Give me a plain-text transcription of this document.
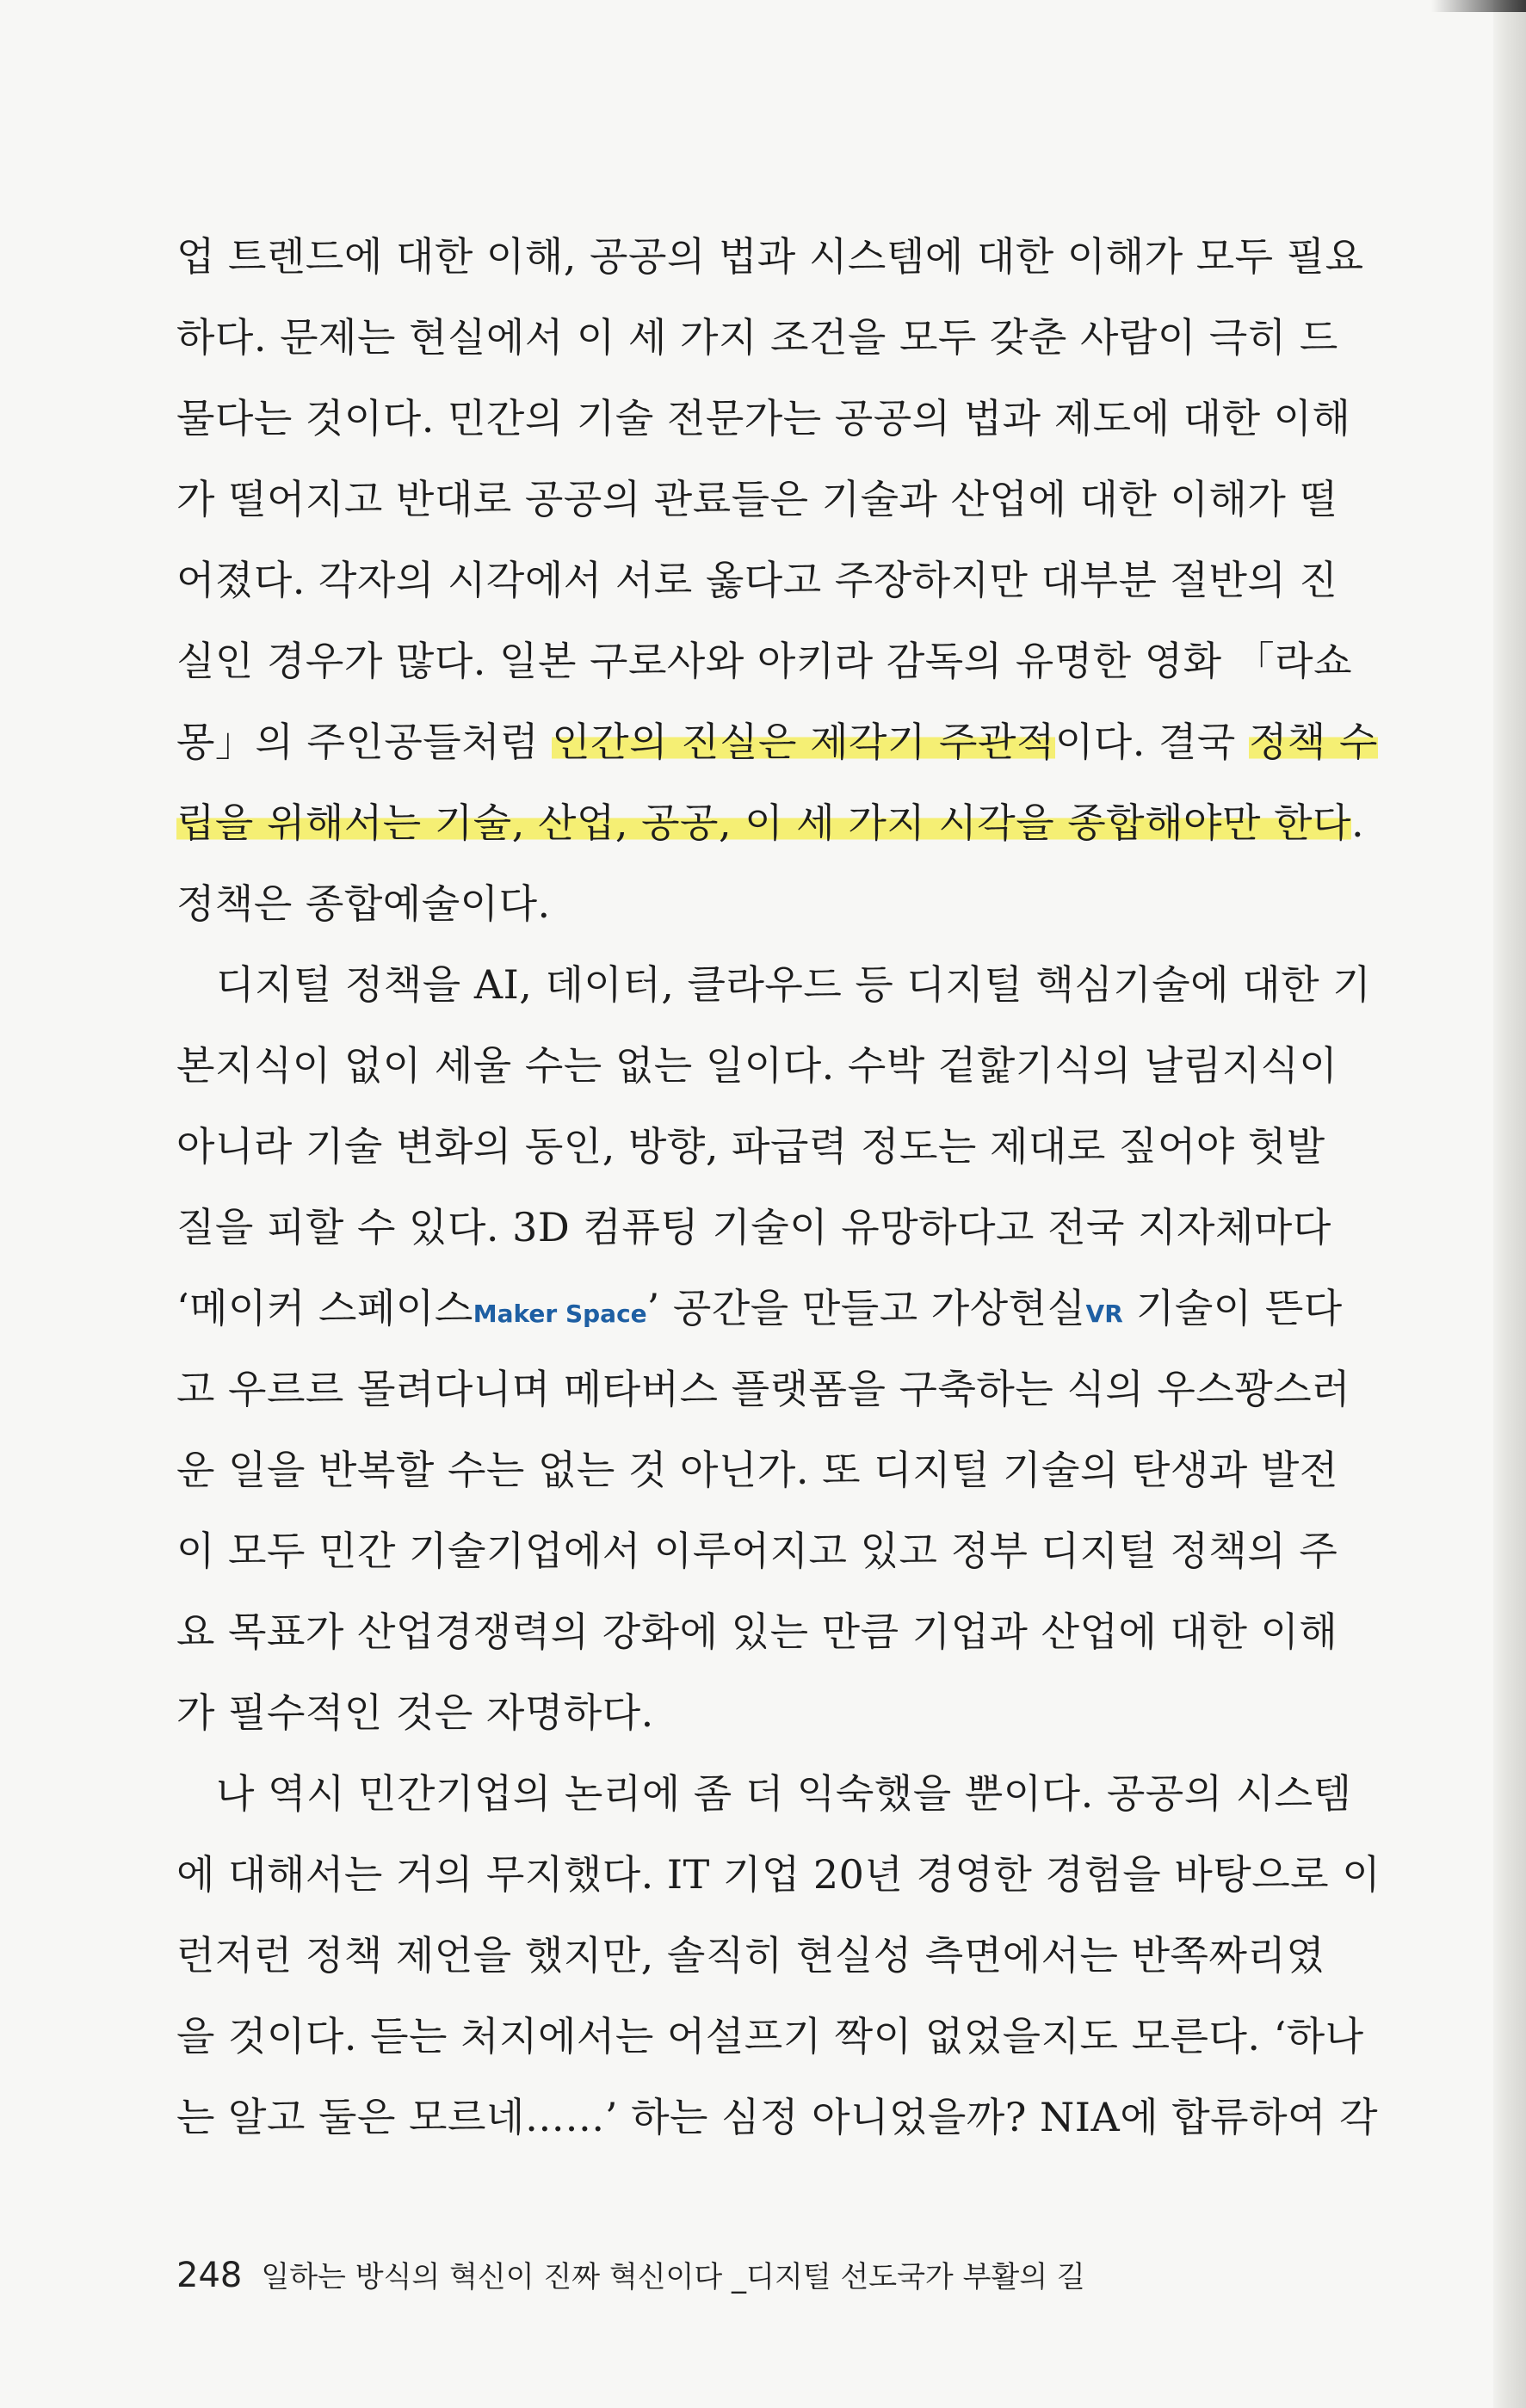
업 트렌드에 대한 이해, 공공의 법과 시스템에 대한 이해가 모두 필요
하다. 문제는 현실에서 이 세 가지 조건을 모두 갖춘 사람이 극히 드
물다는 것이다. 민간의 기술 전문가는 공공의 법과 제도에 대한 이해
가 떨어지고 반대로 공공의 관료들은 기술과 산업에 대한 이해가 떨
어졌다. 각자의 시각에서 서로 옳다고 주장하지만 대부분 절반의 진
실인 경우가 많다. 일본 구로사와 아키라 감독의 유명한 영화 「라쇼
몽」의 주인공들처럼 인간의 진실은 제각기 주관적이다. 결국 정책 수
립을 위해서는 기술, 산업, 공공, 이 세 가지 시각을 종합해야만 한다.
정책은 종합예술이다.
디지털 정책을 AI, 데이터, 클라우드 등 디지털 핵심기술에 대한 기
본지식이 없이 세울 수는 없는 일이다. 수박 겉핥기식의 날림지식이
아니라 기술 변화의 동인, 방향, 파급력 정도는 제대로 짚어야 헛발
질을 피할 수 있다. 3D 컴퓨팅 기술이 유망하다고 전국 지자체마다
‘메이커 스페이스Maker Space’ 공간을 만들고 가상현실VR 기술이 뜬다
고 우르르 몰려다니며 메타버스 플랫폼을 구축하는 식의 우스꽝스러
운 일을 반복할 수는 없는 것 아닌가. 또 디지털 기술의 탄생과 발전
이 모두 민간 기술기업에서 이루어지고 있고 정부 디지털 정책의 주
요 목표가 산업경쟁력의 강화에 있는 만큼 기업과 산업에 대한 이해
가 필수적인 것은 자명하다.
나 역시 민간기업의 논리에 좀 더 익숙했을 뿐이다. 공공의 시스템
에 대해서는 거의 무지했다. IT 기업 20년 경영한 경험을 바탕으로 이
런저런 정책 제언을 했지만, 솔직히 현실성 측면에서는 반쪽짜리였
을 것이다. 듣는 처지에서는 어설프기 짝이 없었을지도 모른다. ‘하나
는 알고 둘은 모르네……’ 하는 심정 아니었을까? NIA에 합류하여 각
248 일하는 방식의 혁신이 진짜 혁신이다 _디지털 선도국가 부활의 길
